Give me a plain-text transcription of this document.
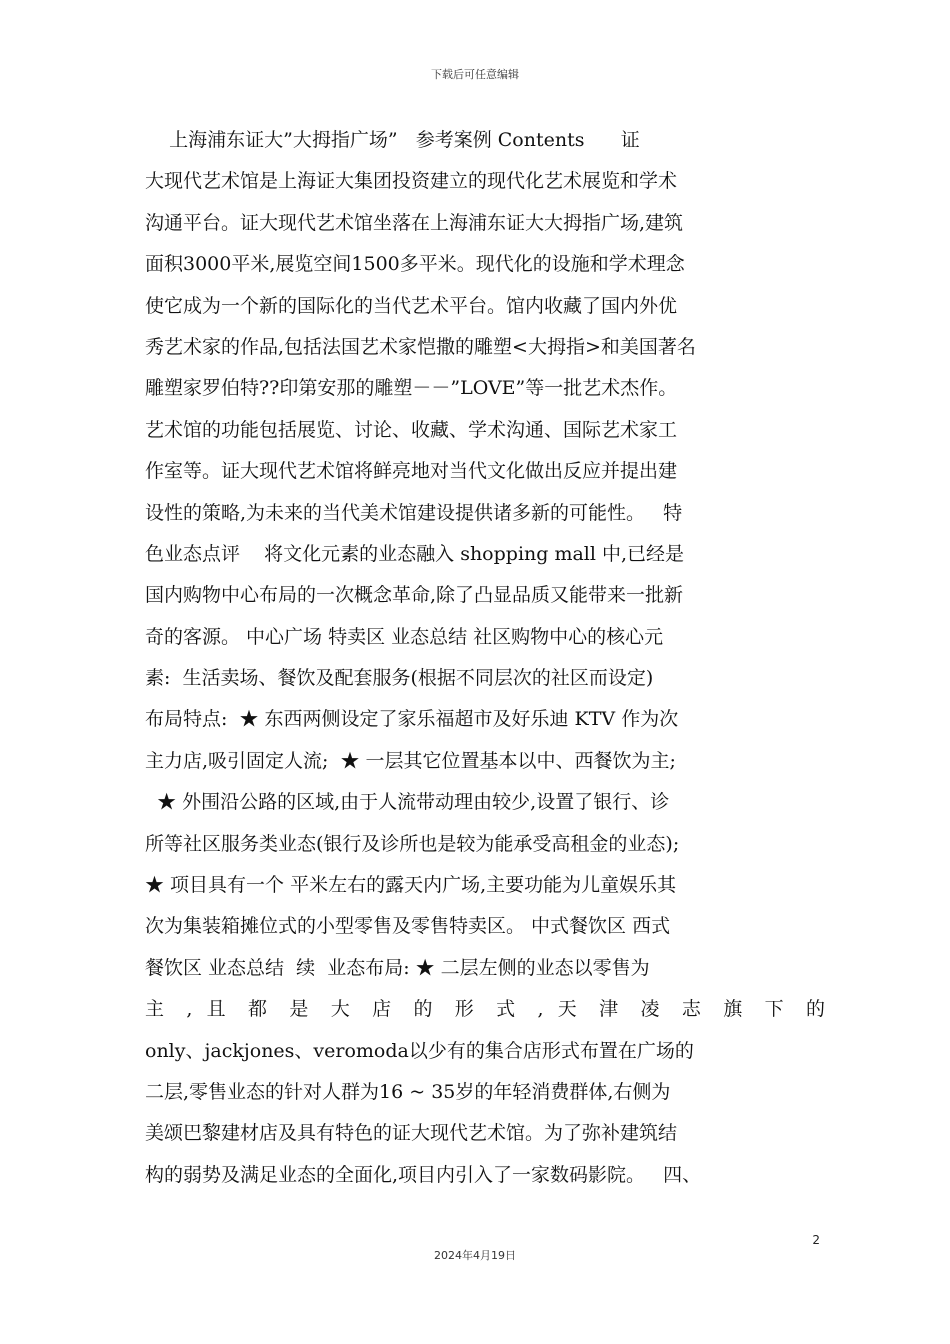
下载后可任意编辑
上海浦东证大”大拇指广场”   参考案例 Contents      证
大现代艺术馆是上海证大集团投资建立的现代化艺术展览和学术
沟通平台。证大现代艺术馆坐落在上海浦东证大大拇指广场,建筑
面积3000平米,展览空间1500多平米。现代化的设施和学术理念
使它成为一个新的国际化的当代艺术平台。馆内收藏了国内外优
秀艺术家的作品,包括法国艺术家恺撒的雕塑<大拇指>和美国著名
雕塑家罗伯特??印第安那的雕塑－－”LOVE”等一批艺术杰作。
艺术馆的功能包括展览、讨论、收藏、学术沟通、国际艺术家工
作室等。证大现代艺术馆将鲜亮地对当代文化做出反应并提出建
设性的策略,为未来的当代美术馆建设提供诸多新的可能性。   特
色业态点评    将文化元素的业态融入 shopping mall 中,已经是
国内购物中心布局的一次概念革命,除了凸显品质又能带来一批新
奇的客源。 中心广场 特卖区 业态总结 社区购物中心的核心元
素:  生活卖场、餐饮及配套服务(根据不同层次的社区而设定)
布局特点:  ★ 东西两侧设定了家乐福超市及好乐迪 KTV 作为次
主力店,吸引固定人流;  ★ 一层其它位置基本以中、西餐饮为主;
★ 外围沿公路的区域,由于人流带动理由较少,设置了银行、诊
所等社区服务类业态(银行及诊所也是较为能承受高租金的业态);
★ 项目具有一个 平米左右的露天内广场,主要功能为儿童娱乐其
次为集装箱摊位式的小型零售及零售特卖区。 中式餐饮区 西式
餐饮区 业态总结  续  业态布局: ★ 二层左侧的业态以零售为
主 , 且 都 是 大 店 的 形 式 , 天 津 凌 志 旗 下 的
only、jackjones、veromoda以少有的集合店形式布置在广场的
二层,零售业态的针对人群为16 ~ 35岁的年轻消费群体,右侧为
美颂巴黎建材店及具有特色的证大现代艺术馆。为了弥补建筑结
构的弱势及满足业态的全面化,项目内引入了一家数码影院。   四、
2
2024年4月19日
